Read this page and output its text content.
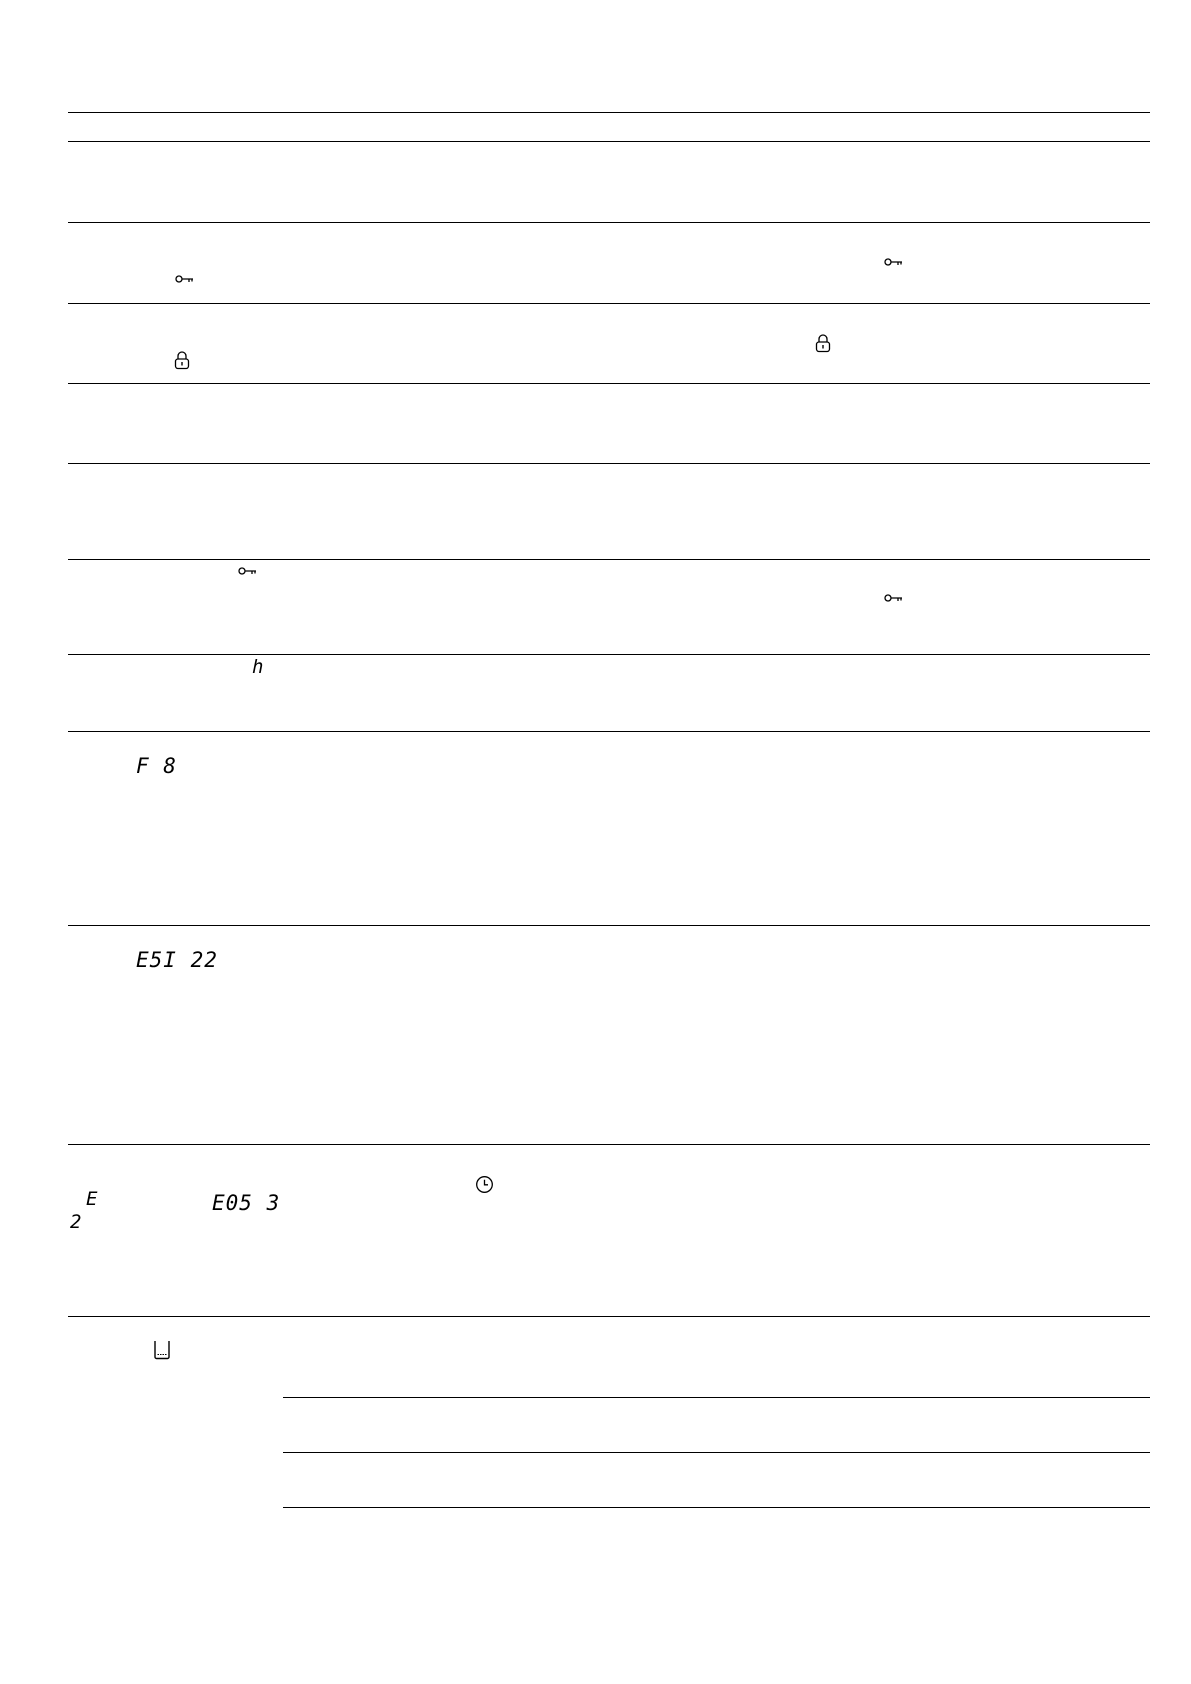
h
F 8
E5I 22
E
2
E05 3
